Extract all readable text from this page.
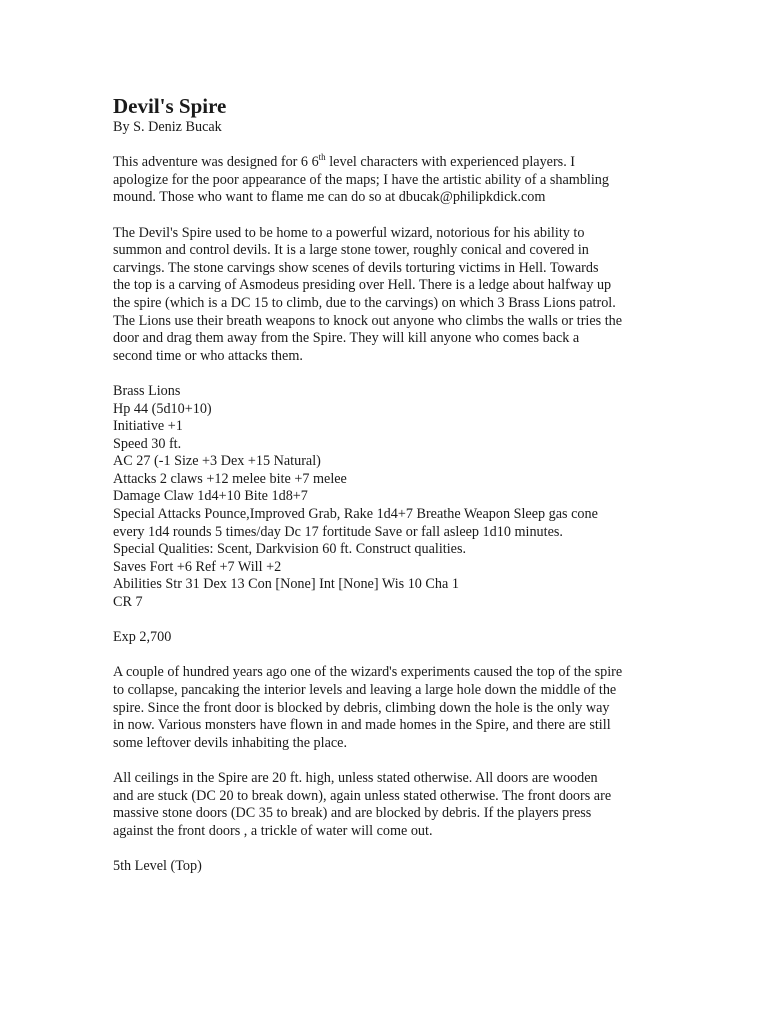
Devil's Spire
By S. Deniz Bucak

This adventure was designed for 6 6th level characters with experienced players. I
apologize for the poor appearance of the maps; I have the artistic ability of a shambling
mound. Those who want to flame me can do so at dbucak@philipkdick.com

The Devil's Spire used to be home to a powerful wizard, notorious for his ability to
summon and control devils. It is a large stone tower, roughly conical and covered in
carvings. The stone carvings show scenes of devils torturing victims in Hell. Towards
the top is a carving of Asmodeus presiding over Hell. There is a ledge about halfway up
the spire (which is a DC 15 to climb, due to the carvings) on which 3 Brass Lions patrol.
The Lions use their breath weapons to knock out anyone who climbs the walls or tries the
door and drag them away from the Spire. They will kill anyone who comes back a
second time or who attacks them.

Brass Lions
Hp 44 (5d10+10)
Initiative +1
Speed 30 ft.
AC 27 (-1 Size +3 Dex +15 Natural)
Attacks 2 claws +12 melee bite +7 melee
Damage Claw 1d4+10 Bite 1d8+7
Special Attacks Pounce,Improved Grab, Rake 1d4+7 Breathe Weapon Sleep gas cone
every 1d4 rounds 5 times/day Dc 17 fortitude Save or fall asleep 1d10 minutes.
Special Qualities: Scent, Darkvision 60 ft. Construct qualities.
Saves Fort +6 Ref +7 Will +2
Abilities Str 31 Dex 13 Con [None] Int [None] Wis 10 Cha 1
CR 7

Exp 2,700

A couple of hundred years ago one of the wizard's experiments caused the top of the spire
to collapse, pancaking the interior levels and leaving a large hole down the middle of the
spire. Since the front door is blocked by debris, climbing down the hole is the only way
in now. Various monsters have flown in and made homes in the Spire, and there are still
some leftover devils inhabiting the place.

All ceilings in the Spire are 20 ft. high, unless stated otherwise. All doors are wooden
and are stuck (DC 20 to break down), again unless stated otherwise. The front doors are
massive stone doors (DC 35 to break) and are blocked by debris. If the players press
against the front doors , a trickle of water will come out.

5th Level (Top)
